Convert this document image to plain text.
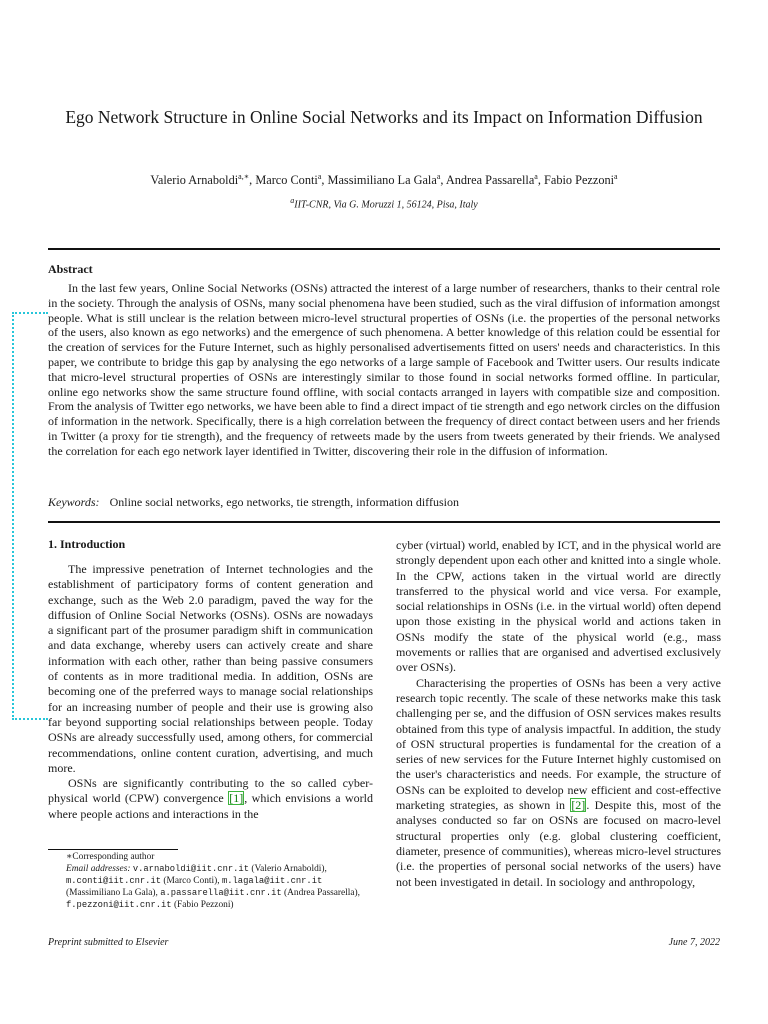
Ego Network Structure in Online Social Networks and its Impact on Information Diffusion
Valerio Arnaboldi$^{a,∗}$, Marco Conti$^a$, Massimiliano La Gala$^a$, Andrea Passarella$^a$, Fabio Pezzoni$^a$
$^a$IIT-CNR, Via G. Moruzzi 1, 56124, Pisa, Italy
Abstract

In the last few years, Online Social Networks (OSNs) attracted the interest of a large number of researchers, thanks to their central role in the society. Through the analysis of OSNs, many social phenomena have been studied, such as the viral diffusion of information amongst people. What is still unclear is the relation between micro-level structural properties of OSNs (i.e. the properties of the personal networks of the users, also known as ego networks) and the emergence of such phenomena. A better knowledge of this relation could be essential for the creation of services for the Future Internet, such as highly personalised advertisements fitted on users' needs and characteristics. In this paper, we contribute to bridge this gap by analysing the ego networks of a large sample of Facebook and Twitter users. Our results indicate that micro-level structural properties of OSNs are interestingly similar to those found in social networks formed offline. In particular, online ego networks show the same structure found offline, with social contacts arranged in layers with compatible size and composition. From the analysis of Twitter ego networks, we have been able to find a direct impact of tie strength and ego network circles on the diffusion of information in the network. Specifically, there is a high correlation between the frequency of direct contact between users and her friends in Twitter (a proxy for tie strength), and the frequency of retweets made by the users from tweets generated by their friends. We analysed the correlation for each ego network layer identified in Twitter, discovering their role in the diffusion of information.

Keywords: Online social networks, ego networks, tie strength, information diffusion
1. Introduction

The impressive penetration of Internet technologies and the establishment of participatory forms of content generation and exchange, such as the Web 2.0 paradigm, paved the way for the diffusion of Online Social Networks (OSNs). OSNs are nowadays a significant part of the prosumer paradigm shift in communication and data exchange, whereby users can actively create and share information with each other, rather than being passive consumers of contents as in more traditional media. In addition, OSNs are becoming one of the preferred ways to manage social relationships for an increasing number of people and their use is growing also far beyond supporting social relationships between people. Today OSNs are already successfully used, among others, for commercial recommendations, online content curation, advertising, and much more.

OSNs are significantly contributing to the so called cyber-physical world (CPW) convergence [1], which envisions a world where people actions and interactions in the

cyber (virtual) world, enabled by ICT, and in the physical world are strongly dependent upon each other and knitted into a single whole. In the CPW, actions taken in the virtual world are directly transferred to the physical world and vice versa. For example, social relationships in OSNs (i.e. in the virtual world) often depend upon those existing in the physical world and actions taken in OSNs modify the state of the physical world (e.g., mass movements or rallies that are organised and advertised exclusively over OSNs).

Characterising the properties of OSNs has been a very active research topic recently. The scale of these networks make this task challenging per se, and the diffusion of OSN services makes results obtained from this type of analysis impactful. In addition, the study of OSN structural properties is fundamental for the creation of a series of new services for the Future Internet highly customised on the user's characteristics and needs. For example, the structure of OSNs can be exploited to develop new efficient and cost-effective marketing strategies, as shown in [2]. Despite this, most of the analyses conducted so far on OSNs are focused on macro-level structural properties only (e.g. global clustering coefficient, diameter, presence of communities), whereas micro-level structures (i.e. the properties of personal social networks of the users) have not been investigated in detail. In sociology and anthropology,

∗Corresponding author

Email addresses: v.arnaboldi@iit.cnr.it (Valerio Arnaboldi), m.conti@iit.cnr.it (Marco Conti), m.lagala@iit.cnr.it (Massimiliano La Gala), a.passarella@iit.cnr.it (Andrea Passarella), f.pezzoni@iit.cnr.it (Fabio Pezzoni)

Preprint submitted to Elsevier	June 7, 2022
